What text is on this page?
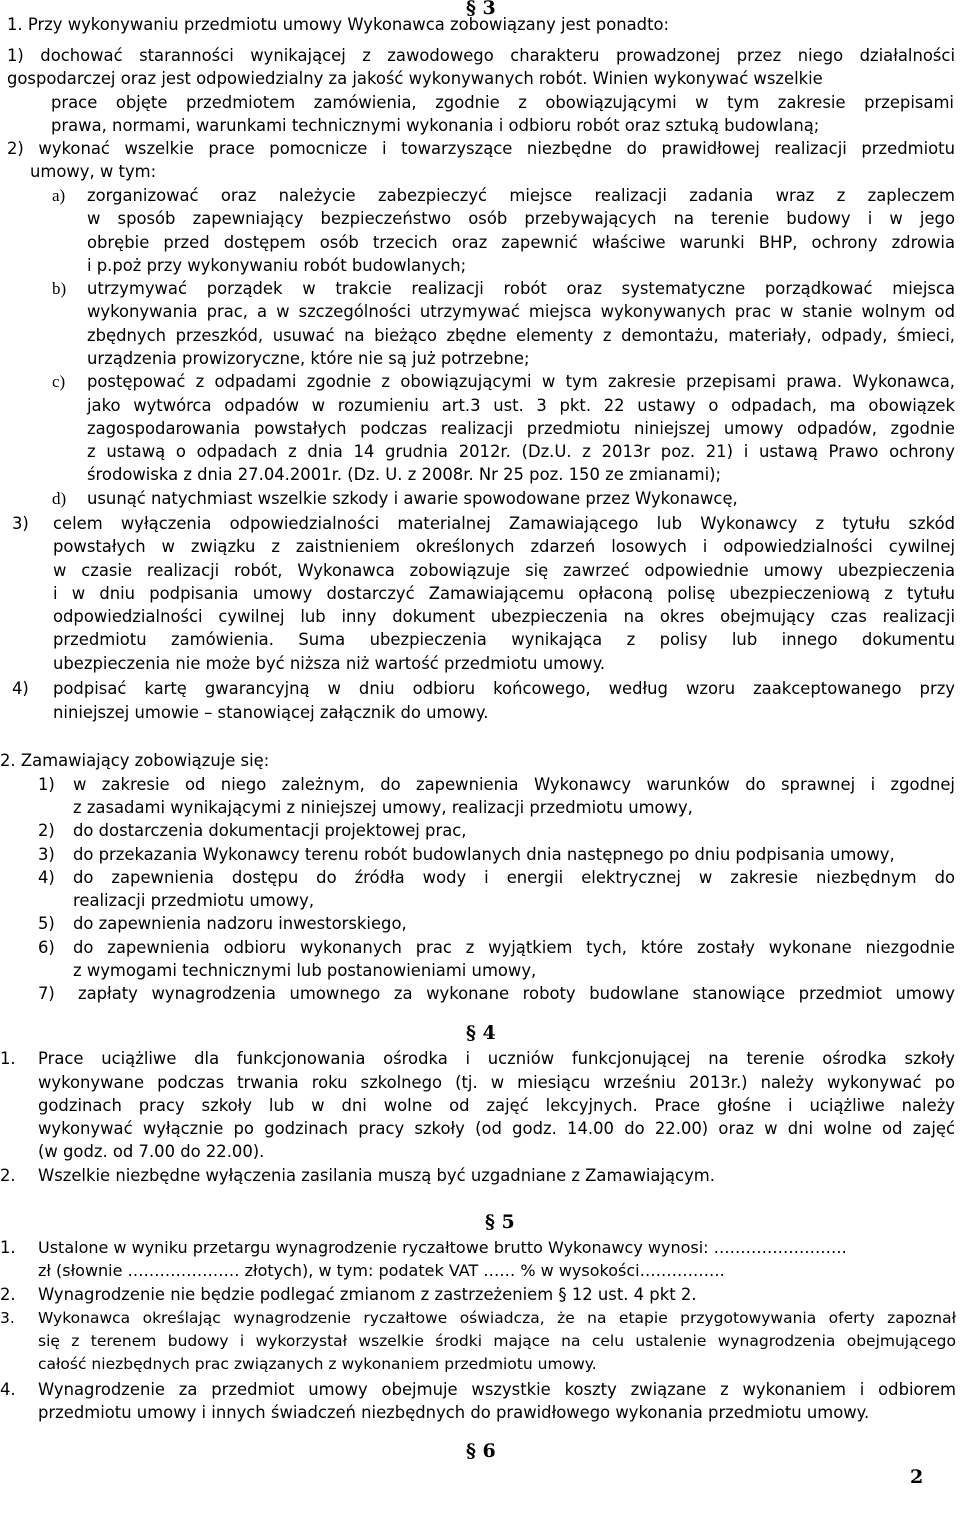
§ 3
1. Przy wykonywaniu przedmiotu umowy Wykonawca zobowiązany jest ponadto:
1) dochować staranności wynikającej z zawodowego charakteru prowadzonej przez niego działalności
gospodarczej oraz jest odpowiedzialny za jakość wykonywanych robót. Winien wykonywać wszelkie
prace objęte przedmiotem zamówienia, zgodnie z obowiązującymi w tym zakresie przepisami
prawa, normami, warunkami technicznymi wykonania i odbioru robót oraz sztuką budowlaną;
2) wykonać wszelkie prace pomocnicze i towarzyszące niezbędne do prawidłowej realizacji przedmiotu
umowy, w tym:
a) zorganizować oraz należycie zabezpieczyć miejsce realizacji zadania wraz z zapleczem
w sposób zapewniający bezpieczeństwo osób przebywających na terenie budowy i w jego
obrębie przed dostępem osób trzecich oraz zapewnić właściwe warunki BHP, ochrony zdrowia
i p.poż przy wykonywaniu robót budowlanych;
b) utrzymywać porządek w trakcie realizacji robót oraz systematyczne porządkować miejsca
wykonywania prac, a w szczególności utrzymywać miejsca wykonywanych prac w stanie wolnym od
zbędnych przeszkód, usuwać na bieżąco zbędne elementy z demontażu, materiały, odpady, śmieci,
urządzenia prowizoryczne, które nie są już potrzebne;
c) postępować z odpadami zgodnie z obowiązującymi w tym zakresie przepisami prawa. Wykonawca,
jako wytwórca odpadów w rozumieniu art.3 ust. 3 pkt. 22 ustawy o odpadach, ma obowiązek
zagospodarowania powstałych podczas realizacji przedmiotu niniejszej umowy odpadów, zgodnie
z ustawą o odpadach z dnia 14 grudnia 2012r. (Dz.U. z 2013r poz. 21) i ustawą Prawo ochrony
środowiska z dnia 27.04.2001r. (Dz. U. z 2008r. Nr 25 poz. 150 ze zmianami);
d) usunąć natychmiast wszelkie szkody i awarie spowodowane przez Wykonawcę,
3) celem wyłączenia odpowiedzialności materialnej Zamawiającego lub Wykonawcy z tytułu szkód
powstałych w związku z zaistnieniem określonych zdarzeń losowych i odpowiedzialności cywilnej
w czasie realizacji robót, Wykonawca zobowiązuje się zawrzeć odpowiednie umowy ubezpieczenia
i w dniu podpisania umowy dostarczyć Zamawiającemu opłaconą polisę ubezpieczeniową z tytułu
odpowiedzialności cywilnej lub inny dokument ubezpieczenia na okres obejmujący czas realizacji
przedmiotu zamówienia. Suma ubezpieczenia wynikająca z polisy lub innego dokumentu
ubezpieczenia nie może być niższa niż wartość przedmiotu umowy.
4) podpisać kartę gwarancyjną w dniu odbioru końcowego, według wzoru zaakceptowanego przy
niniejszej umowie – stanowiącej załącznik do umowy.
2. Zamawiający zobowiązuje się:
1) w zakresie od niego zależnym, do zapewnienia Wykonawcy warunków do sprawnej i zgodnej
z zasadami wynikającymi z niniejszej umowy, realizacji przedmiotu umowy,
2) do dostarczenia dokumentacji projektowej prac,
3) do przekazania Wykonawcy terenu robót budowlanych dnia następnego po dniu podpisania umowy,
4) do zapewnienia dostępu do źródła wody i energii elektrycznej w zakresie niezbędnym do
realizacji przedmiotu umowy,
5) do zapewnienia nadzoru inwestorskiego,
6) do zapewnienia odbioru wykonanych prac z wyjątkiem tych, które zostały wykonane niezgodnie
z wymogami technicznymi lub postanowieniami umowy,
7) zapłaty wynagrodzenia umownego za wykonane roboty budowlane stanowiące przedmiot umowy
§ 4
1. Prace uciążliwe dla funkcjonowania ośrodka i uczniów funkcjonującej na terenie ośrodka szkoły
wykonywane podczas trwania roku szkolnego (tj. w miesiącu wrześniu 2013r.) należy wykonywać po
godzinach pracy szkoły lub w dni wolne od zajęć lekcyjnych. Prace głośne i uciążliwe należy
wykonywać wyłącznie po godzinach pracy szkoły (od godz. 14.00 do 22.00) oraz w dni wolne od zajęć
(w godz. od 7.00 do 22.00).
2. Wszelkie niezbędne wyłączenia zasilania muszą być uzgadniane z Zamawiającym.
§ 5
1. Ustalone w wyniku przetargu wynagrodzenie ryczałtowe brutto Wykonawcy wynosi: …………………….
zł (słownie ………………… złotych), w tym: podatek VAT …… % w wysokości…………….
2. Wynagrodzenie nie będzie podlegać zmianom z zastrzeżeniem § 12 ust. 4 pkt 2.
3. Wykonawca określając wynagrodzenie ryczałtowe oświadcza, że na etapie przygotowywania oferty zapoznał
się z terenem budowy i wykorzystał wszelkie środki mające na celu ustalenie wynagrodzenia obejmującego
całość niezbędnych prac związanych z wykonaniem przedmiotu umowy.
4. Wynagrodzenie za przedmiot umowy obejmuje wszystkie koszty związane z wykonaniem i odbiorem
przedmiotu umowy i innych świadczeń niezbędnych do prawidłowego wykonania przedmiotu umowy.
§ 6
2
